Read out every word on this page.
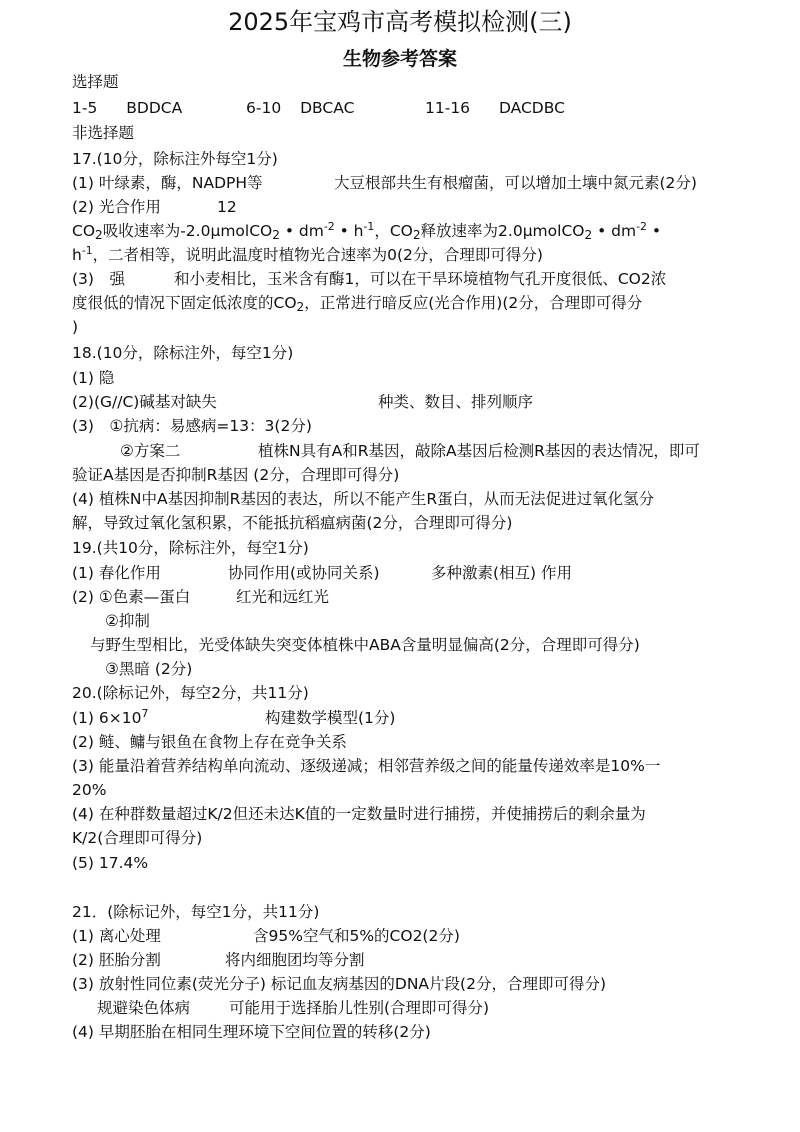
2025年宝鸡市高考模拟检测(三)
生物参考答案
选择题
1-5 BDDCA	6-10 DBCAC	11-16 DACDBC
非选择题
17.(10分，除标注外每空1分)
(1) 叶绿素，酶，NADPH等	大豆根部共生有根瘤菌，可以增加土壤中氮元素(2分)
(2) 光合作用	12
$CO_2$吸收速率为-2.0μmolCO$_2$ • $dm^{-2}$ • $h^{-1}$，$CO_2$释放速率为2.0μmolCO$_2$ • $dm^{-2}$ •
$h^{-1}$，二者相等，说明此温度时植物光合速率为0(2分，合理即可得分)
(3)　强	和小麦相比，玉米含有酶1，可以在干旱环境植物气孔开度很低、CO2浓
度很低的情况下固定低浓度的$CO_2$，正常进行暗反应(光合作用)(2分，合理即可得分
)
18.(10分，除标注外，每空1分)
(1) 隐
(2)(G//C)碱基对缺失	种类、数目、排列顺序
(3)　①抗病：易感病=13：3(2分)
②方案二	植株N具有A和R基因，敲除A基因后检测R基因的表达情况，即可
验证A基因是否抑制R基因 (2分，合理即可得分)
(4) 植株N中A基因抑制R基因的表达，所以不能产生R蛋白，从而无法促进过氧化氢分
解，导致过氧化氢积累，不能抵抗稻瘟病菌(2分，合理即可得分)
19.(共10分，除标注外，每空1分)
(1) 春化作用	协同作用(或协同关系)	多种激素(相互) 作用
(2) ①色素—蛋白	红光和远红光
②抑制
与野生型相比，光受体缺失突变体植株中ABA含量明显偏高(2分，合理即可得分)
③黑暗 (2分)
20.(除标记外，每空2分，共11分)
(1) $6\times 10^7$	构建数学模型(1分)
(2) 鲢、鳙与银鱼在食物上存在竞争关系
(3) 能量沿着营养结构单向流动、逐级递减；相邻营养级之间的能量传递效率是10%一
20%
(4) 在种群数量超过K/2但还未达K值的一定数量时进行捕捞，并使捕捞后的剩余量为
K/2(合理即可得分)
(5) 17.4%
21．(除标记外，每空1分，共11分)
(1) 离心处理	含95%空气和5%的CO2(2分)
(2) 胚胎分割	将内细胞团均等分割
(3) 放射性同位素(荧光分子) 标记血友病基因的DNA片段(2分，合理即可得分)
规避染色体病	可能用于选择胎儿性别(合理即可得分)
(4) 早期胚胎在相同生理环境下空间位置的转移(2分)
